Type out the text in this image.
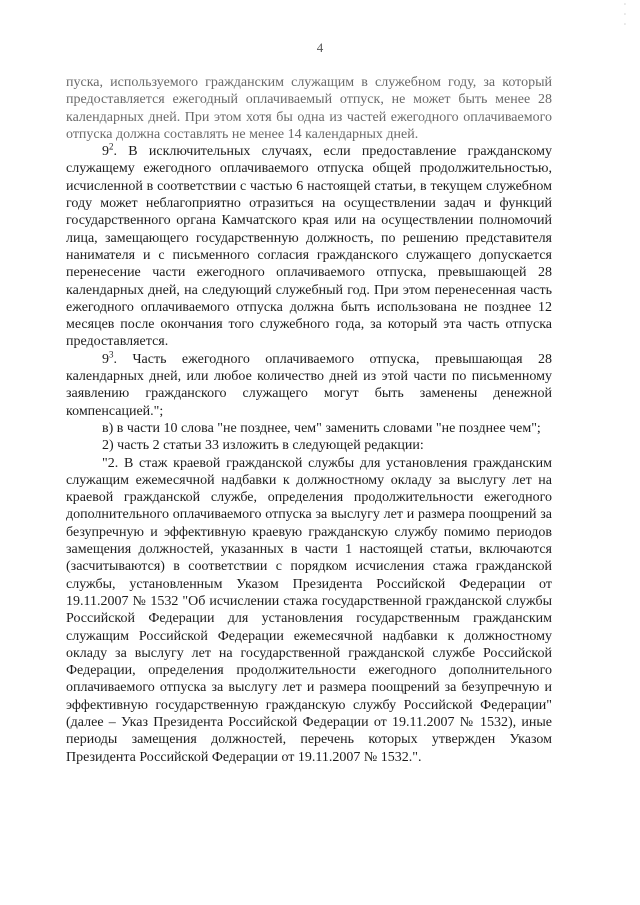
4
·
·
·

пуска, используемого гражданским служащим в служебном году, за который предоставляется ежегодный оплачиваемый отпуск, не может быть менее 28 календарных дней. При этом хотя бы одна из частей ежегодного оплачиваемого отпуска должна составлять не менее 14 календарных дней.

$9^2$. В исключительных случаях, если предоставление гражданскому служащему ежегодного оплачиваемого отпуска общей продолжительностью, исчисленной в соответствии с частью 6 настоящей статьи, в текущем служебном году может неблагоприятно отразиться на осуществлении задач и функций государственного органа Камчатского края или на осуществлении полномочий лица, замещающего государственную должность, по решению представителя нанимателя и с письменного согласия гражданского служащего допускается перенесение части ежегодного оплачиваемого отпуска, превышающей 28 календарных дней, на следующий служебный год. При этом перенесенная часть ежегодного оплачиваемого отпуска должна быть использована не позднее 12 месяцев после окончания того служебного года, за который эта часть отпуска предоставляется.

$9^3$. Часть ежегодного оплачиваемого отпуска, превышающая 28 календарных дней, или любое количество дней из этой части по письменному заявлению гражданского служащего могут быть заменены денежной компенсацией.";

в) в части 10 слова "не позднее, чем" заменить словами "не позднее чем";

2) часть 2 статьи 33 изложить в следующей редакции:

"2. В стаж краевой гражданской службы для установления гражданским служащим ежемесячной надбавки к должностному окладу за выслугу лет на краевой гражданской службе, определения продолжительности ежегодного дополнительного оплачиваемого отпуска за выслугу лет и размера поощрений за безупречную и эффективную краевую гражданскую службу помимо периодов замещения должностей, указанных в части 1 настоящей статьи, включаются (засчитываются) в соответствии с порядком исчисления стажа гражданской службы, установленным Указом Президента Российской Федерации от 19.11.2007 № 1532 "Об исчислении стажа государственной гражданской службы Российской Федерации для установления государственным гражданским служащим Российской Федерации ежемесячной надбавки к должностному окладу за выслугу лет на государственной гражданской службе Российской Федерации, определения продолжительности ежегодного дополнительного оплачиваемого отпуска за выслугу лет и размера поощрений за безупречную и эффективную государственную гражданскую службу Российской Федерации" (далее – Указ Президента Российской Федерации от 19.11.2007 № 1532), иные периоды замещения должностей, перечень которых утвержден Указом Президента Российской Федерации от 19.11.2007 № 1532.".
